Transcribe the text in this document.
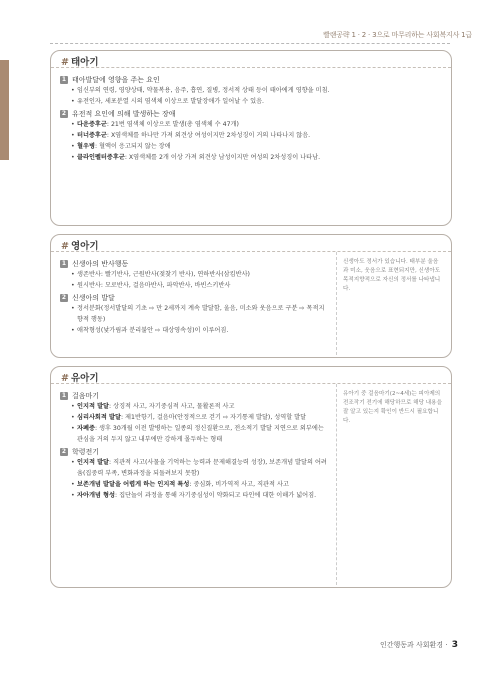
빨랜공략 1 · 2 · 3으로 마무리하는 사회복지사 1급
# 태아기
1 태아발달에 영향을 주는 요인
• 임신부의 연령, 영양상태, 약물복용, 음주, 흡연, 질병, 정서적 상태 등이 태아에게 영향을 미침.
• 유전인자, 세포분열 시의 염색체 이상으로 발달장애가 일어날 수 있음.
2 유전적 요인에 의해 발생하는 장애
• 다운증후군: 21번 염색체 이상으로 발생(총 염색체 수 47개)
• 터너증후군: X염색체를 하나만 가져 외견상 여성이지만 2차성징이 거의 나타나지 않음.
• 혈우병: 혈액이 응고되지 않는 장애
• 클라인펠터증후군: X염색체를 2개 이상 가져 외견상 남성이지만 여성의 2차성징이 나타남.
# 영아기
신생아도 정서가 있습니다. 태부분 울음과 미소, 웃음으로 표현되지만, 신생아도 목적지향적으로 자신의 정서를 나타냅니다.
1 신생아의 반사행동
• 생존반사: 빨기반사, 근원반사(젖찾기 반사), 연하반사(삼킴반사)
• 원시반사: 모로반사, 걸음마반사, 파악반사, 바빈스키반사
2 신생아의 발달
• 정서분화(정서발달의 기초 ⇨ 만 2세까지 계속 발달함, 울음, 미소와 웃음으로 구분 ⇨ 목적지향적 행동)
• 애착형성(낯가림과 분리불안 ⇨ 대상영속성)이 이루어짐.
# 유아기
유아기 중 걸음마기(2~4세)는 피아제의 전조작기 전기에 해당하므로 해당 내용을 잘 알고 있는지 확인이 반드시 필요합니다.
1 걸음마기
• 인지적 발달: 상징적 사고, 자기중심적 사고, 물활론적 사고
• 심리사회적 발달: 제1반항기, 걸음마(안정적으로 걷기 ⇨ 자기통제 발달), 성역할 발달
• 자폐증: 생후 30개월 이전 발병하는 일종의 정신질환으로, 전소적기 발달 지연으로 외부에는 관심을 거의 두지 않고 내부에만 강하게 몰두하는 형태
2 학령전기
• 인지적 발달: 직관적 사고(사물을 기억하는 능력과 문제해결능력 성장), 보존개념 발달의 어려움(집중력 부족, 변화과정을 되돌려보지 못함)
• 보존개념 발달을 어렵게 하는 인지적 특성: 중심화, 비가역적 사고, 직관적 사고
• 자아개념 형성: 집단놀이 과정을 통해 자기중심성이 약화되고 타인에 대한 이해가 넓어짐.
인간행동과 사회환경 · 3
